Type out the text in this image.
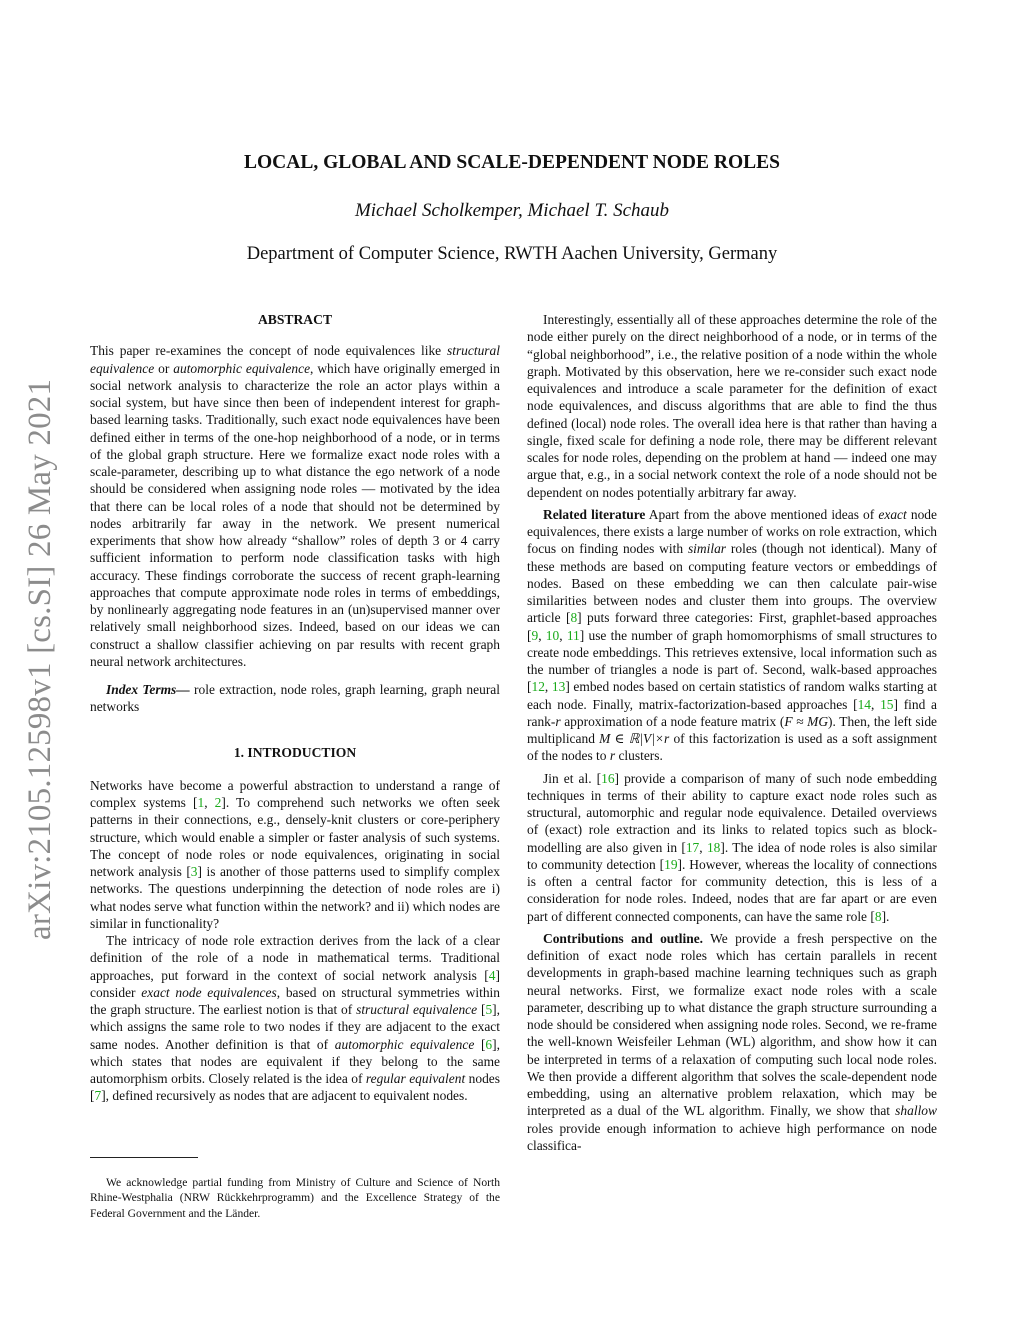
arXiv:2105.12598v1 [cs.SI] 26 May 2021
LOCAL, GLOBAL AND SCALE-DEPENDENT NODE ROLES
Michael Scholkemper, Michael T. Schaub
Department of Computer Science, RWTH Aachen University, Germany

ABSTRACT

This paper re-examines the concept of node equivalences like structural equivalence or automorphic equivalence, which have originally emerged in social network analysis to characterize the role an actor plays within a social system, but have since then been of independent interest for graph-based learning tasks. Traditionally, such exact node equivalences have been defined either in terms of the one-hop neighborhood of a node, or in terms of the global graph structure. Here we formalize exact node roles with a scale-parameter, describing up to what distance the ego network of a node should be considered when assigning node roles — motivated by the idea that there can be local roles of a node that should not be determined by nodes arbitrarily far away in the network. We present numerical experiments that show how already “shallow” roles of depth 3 or 4 carry sufficient information to perform node classification tasks with high accuracy. These findings corroborate the success of recent graph-learning approaches that compute approximate node roles in terms of embeddings, by nonlinearly aggregating node features in an (un)supervised manner over relatively small neighborhood sizes. Indeed, based on our ideas we can construct a shallow classifier achieving on par results with recent graph neural network architectures.

Index Terms— role extraction, node roles, graph learning, graph neural networks

1. INTRODUCTION

Networks have become a powerful abstraction to understand a range of complex systems [1, 2]. To comprehend such networks we often seek patterns in their connections, e.g., densely-knit clusters or core-periphery structure, which would enable a simpler or faster analysis of such systems. The concept of node roles or node equivalences, originating in social network analysis [3] is another of those patterns used to simplify complex networks. The questions underpinning the detection of node roles are i) what nodes serve what function within the network? and ii) which nodes are similar in functionality?

The intricacy of node role extraction derives from the lack of a clear definition of the role of a node in mathematical terms. Traditional approaches, put forward in the context of social network analysis [4] consider exact node equivalences, based on structural symmetries within the graph structure. The earliest notion is that of structural equivalence [5], which assigns the same role to two nodes if they are adjacent to the exact same nodes. Another definition is that of automorphic equivalence [6], which states that nodes are equivalent if they belong to the same automorphism orbits. Closely related is the idea of regular equivalent nodes [7], defined recursively as nodes that are adjacent to equivalent nodes.

We acknowledge partial funding from Ministry of Culture and Science of North Rhine-Westphalia (NRW Rückkehrprogramm) and the Excellence Strategy of the Federal Government and the Länder.

Interestingly, essentially all of these approaches determine the role of the node either purely on the direct neighborhood of a node, or in terms of the “global neighborhood”, i.e., the relative position of a node within the whole graph. Motivated by this observation, here we re-consider such exact node equivalences and introduce a scale parameter for the definition of exact node equivalences, and discuss algorithms that are able to find the thus defined (local) node roles. The overall idea here is that rather than having a single, fixed scale for defining a node role, there may be different relevant scales for node roles, depending on the problem at hand — indeed one may argue that, e.g., in a social network context the role of a node should not be dependent on nodes potentially arbitrary far away.

Related literature Apart from the above mentioned ideas of exact node equivalences, there exists a large number of works on role extraction, which focus on finding nodes with similar roles (though not identical). Many of these methods are based on computing feature vectors or embeddings of nodes. Based on these embedding we can then calculate pair-wise similarities between nodes and cluster them into groups. The overview article [8] puts forward three categories: First, graphlet-based approaches [9, 10, 11] use the number of graph homomorphisms of small structures to create node embeddings. This retrieves extensive, local information such as the number of triangles a node is part of. Second, walk-based approaches [12, 13] embed nodes based on certain statistics of random walks starting at each node. Finally, matrix-factorization-based approaches [14, 15] find a rank-r approximation of a node feature matrix (F ≈ MG). Then, the left side multiplicand M ∈ ℝ|V|×r of this factorization is used as a soft assignment of the nodes to r clusters.

Jin et al. [16] provide a comparison of many of such node embedding techniques in terms of their ability to capture exact node roles such as structural, automorphic and regular node equivalence. Detailed overviews of (exact) role extraction and its links to related topics such as block-modelling are also given in [17, 18]. The idea of node roles is also similar to community detection [19]. However, whereas the locality of connections is often a central factor for community detection, this is less of a consideration for node roles. Indeed, nodes that are far apart or are even part of different connected components, can have the same role [8].

Contributions and outline. We provide a fresh perspective on the definition of exact node roles which has certain parallels in recent developments in graph-based machine learning techniques such as graph neural networks. First, we formalize exact node roles with a scale parameter, describing up to what distance the graph structure surrounding a node should be considered when assigning node roles. Second, we re-frame the well-known Weisfeiler Lehman (WL) algorithm, and show how it can be interpreted in terms of a relaxation of computing such local node roles. We then provide a different algorithm that solves the scale-dependent node embedding, using an alternative problem relaxation, which may be interpreted as a dual of the WL algorithm. Finally, we show that shallow roles provide enough information to achieve high performance on node classifica-
